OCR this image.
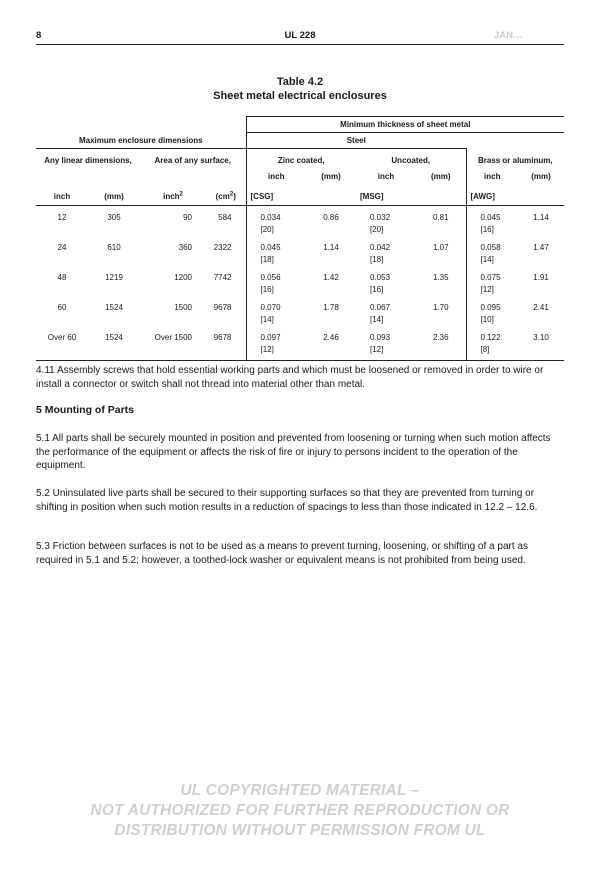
8	UL 228	JAN…
Table 4.2
Sheet metal electrical enclosures
				Minimum thickness of sheet metal					
Maximum enclosure dimensions				Steel					
Any linear dimensions,		Area of any surface,		Zinc coated,		Uncoated,		Brass or aluminum,	
				inch	(mm)	inch	(mm)	inch	(mm)
inch	(mm)	inch$^2$	$(cm^2)$	[CSG]		[MSG]		[AWG]	
12	305	90	584	0.034	0.86	0.032	0.81	0.045	1.14
				[20]		[20]		[16]	
24	610	360	2322	0.045	1.14	0.042	1.07	0.058	1.47
				[18]		[18]		[14]	
48	1219	1200	7742	0.056	1.42	0.053	1.35	0.075	1.91
				[16]		[16]		[12]	
60	1524	1500	9678	0.070	1.78	0.067	1.70	0.095	2.41
				[14]		[14]		[10]	
Over 60	1524	Over 1500	9678	0.097	2.46	0.093	2.36	0.122	3.10
				[12]		[12]		[8]	

4.11 Assembly screws that hold essential working parts and which must be loosened or removed in order to wire or install a connector or switch shall not thread into material other than metal.

5 Mounting of Parts

5.1 All parts shall be securely mounted in position and prevented from loosening or turning when such motion affects the performance of the equipment or affects the risk of fire or injury to persons incident to the operation of the equipment.

5.2 Uninsulated live parts shall be secured to their supporting surfaces so that they are prevented from turning or shifting in position when such motion results in a reduction of spacings to less than those indicated in 12.2 – 12.6.

5.3 Friction between surfaces is not to be used as a means to prevent turning, loosening, or shifting of a part as required in 5.1 and 5.2; however, a toothed-lock washer or equivalent means is not prohibited from being used.

UL COPYRIGHTED MATERIAL –
NOT AUTHORIZED FOR FURTHER REPRODUCTION OR
DISTRIBUTION WITHOUT PERMISSION FROM UL
